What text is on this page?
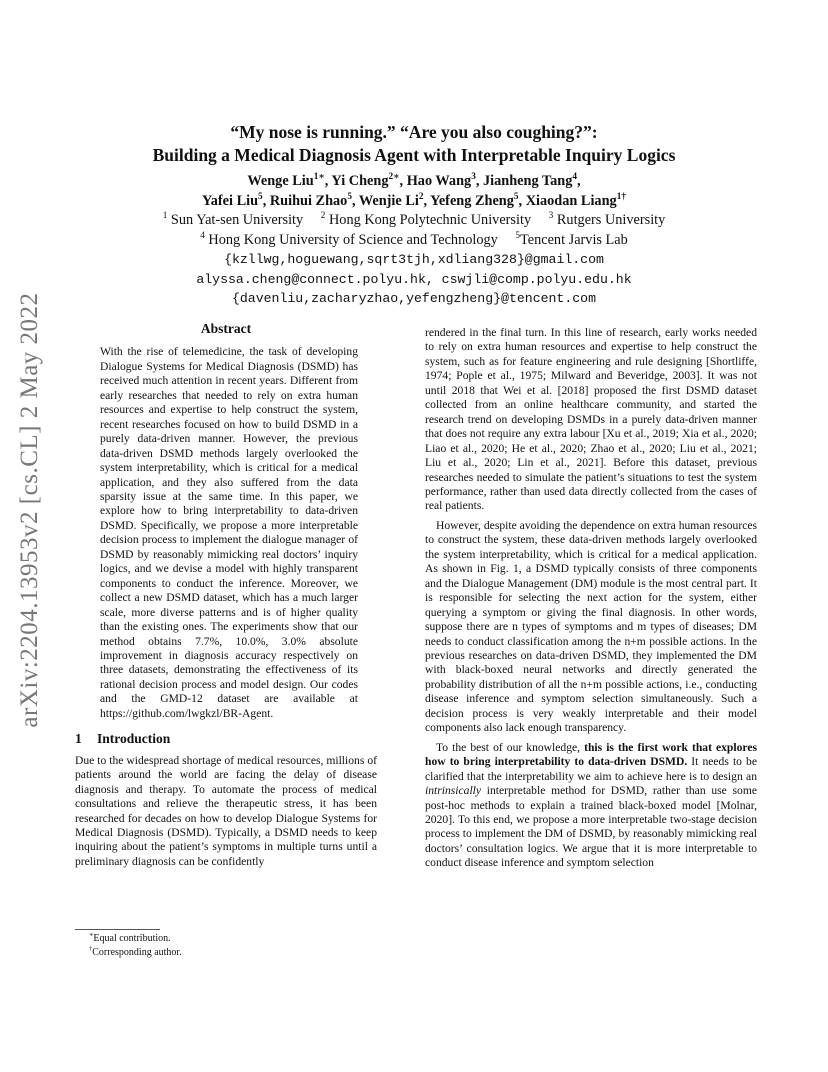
arXiv:2204.13953v2 [cs.CL] 2 May 2022
“My nose is running.” “Are you also coughing?”:
Building a Medical Diagnosis Agent with Interpretable Inquiry Logics
Wenge Liu$^{1∗}$, Yi Cheng$^{2∗}$, Hao Wang$^3$, Jianheng Tang$^4$,
Yafei Liu$^5$, Ruihui Zhao$^5$, Wenjie Li$^2$, Yefeng Zheng$^5$, Xiaodan Liang$^{1\dagger}$
$^1$ Sun Yat-sen University $^2$ Hong Kong Polytechnic University $^3$ Rutgers University
$^4$ Hong Kong University of Science and Technology $^5$Tencent Jarvis Lab
{kzllwg,hoguewang,sqrt3tjh,xdliang328}@gmail.com
alyssa.cheng@connect.polyu.hk, cswjli@comp.polyu.edu.hk
{davenliu,zacharyzhao,yefengzheng}@tencent.com
Abstract
With the rise of telemedicine, the task of developing Dialogue Systems for Medical Diagnosis (DSMD) has received much attention in recent years. Different from early researches that needed to rely on extra human resources and expertise to help construct the system, recent researches focused on how to build DSMD in a purely data-driven manner. However, the previous data-driven DSMD methods largely overlooked the system interpretability, which is critical for a medical application, and they also suffered from the data sparsity issue at the same time. In this paper, we explore how to bring interpretability to data-driven DSMD. Specifically, we propose a more interpretable decision process to implement the dialogue manager of DSMD by reasonably mimicking real doctors’ inquiry logics, and we devise a model with highly transparent components to conduct the inference. Moreover, we collect a new DSMD dataset, which has a much larger scale, more diverse patterns and is of higher quality than the existing ones. The experiments show that our method obtains 7.7%, 10.0%, 3.0% absolute improvement in diagnosis accuracy respectively on three datasets, demonstrating the effectiveness of its rational decision process and model design. Our codes and the GMD-12 dataset are available at https://github.com/lwgkzl/BR-Agent.
1 Introduction

Due to the widespread shortage of medical resources, millions of patients around the world are facing the delay of disease diagnosis and therapy. To automate the process of medical consultations and relieve the therapeutic stress, it has been researched for decades on how to develop Dialogue Systems for Medical Diagnosis (DSMD). Typically, a DSMD needs to keep inquiring about the patient’s symptoms in multiple turns until a preliminary diagnosis can be confidently

rendered in the final turn. In this line of research, early works needed to rely on extra human resources and expertise to help construct the system, such as for feature engineering and rule designing [Shortliffe, 1974; Pople et al., 1975; Milward and Beveridge, 2003]. It was not until 2018 that Wei et al. [2018] proposed the first DSMD dataset collected from an online healthcare community, and started the research trend on developing DSMDs in a purely data-driven manner that does not require any extra labour [Xu et al., 2019; Xia et al., 2020; Liao et al., 2020; He et al., 2020; Zhao et al., 2020; Liu et al., 2021; Liu et al., 2020; Lin et al., 2021]. Before this dataset, previous researches needed to simulate the patient’s situations to test the system performance, rather than used data directly collected from the cases of real patients.

However, despite avoiding the dependence on extra human resources to construct the system, these data-driven methods largely overlooked the system interpretability, which is critical for a medical application. As shown in Fig. 1, a DSMD typically consists of three components and the Dialogue Management (DM) module is the most central part. It is responsible for selecting the next action for the system, either querying a symptom or giving the final diagnosis. In other words, suppose there are n types of symptoms and m types of diseases; DM needs to conduct classification among the n+m possible actions. In the previous researches on data-driven DSMD, they implemented the DM with black-boxed neural networks and directly generated the probability distribution of all the n+m possible actions, i.e., conducting disease inference and symptom selection simultaneously. Such a decision process is very weakly interpretable and their model components also lack enough transparency.

To the best of our knowledge, this is the first work that explores how to bring interpretability to data-driven DSMD. It needs to be clarified that the interpretability we aim to achieve here is to design an intrinsically interpretable method for DSMD, rather than use some post-hoc methods to explain a trained black-boxed model [Molnar, 2020]. To this end, we propose a more interpretable two-stage decision process to implement the DM of DSMD, by reasonably mimicking real doctors’ consultation logics. We argue that it is more interpretable to conduct disease inference and symptom selection

∗Equal contribution.
†Corresponding author.
